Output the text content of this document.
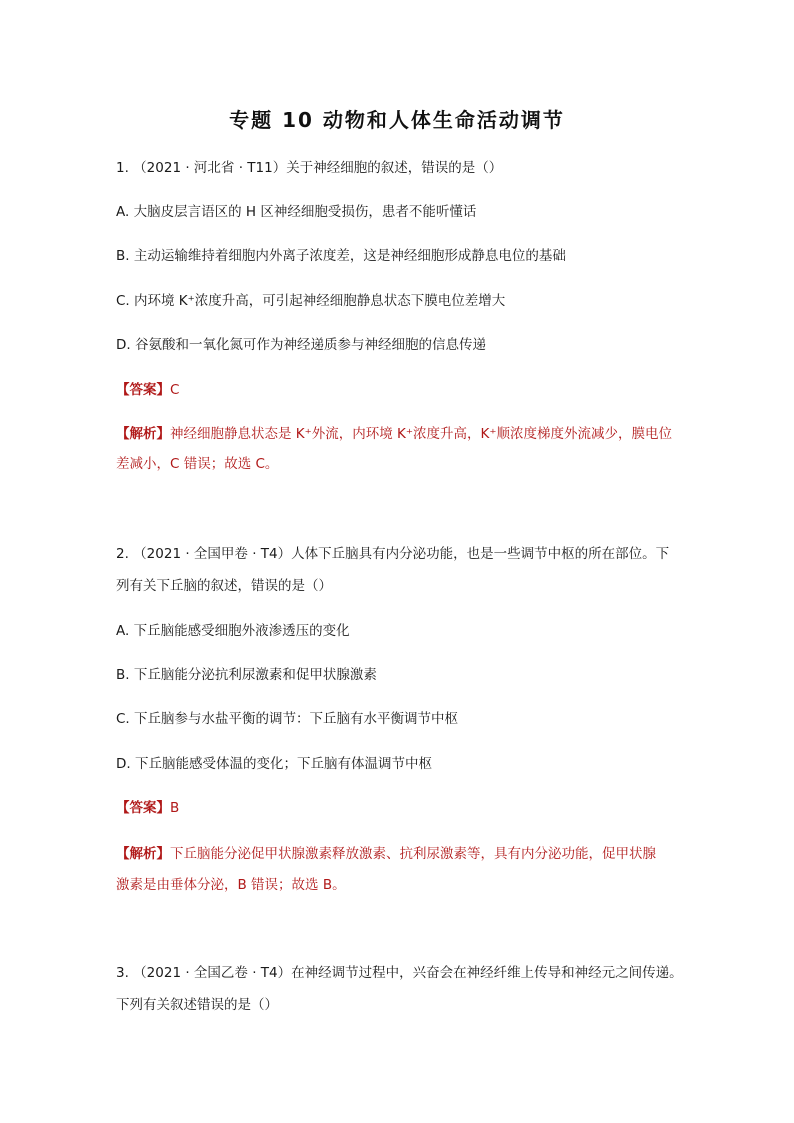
专题 10 动物和人体生命活动调节

1. （2021 · 河北省 · T11）关于神经细胞的叙述，错误的是（）

A. 大脑皮层言语区的 H 区神经细胞受损伤，患者不能听懂话

B. 主动运输维持着细胞内外离子浓度差，这是神经细胞形成静息电位的基础

C. 内环境 K⁺浓度升高，可引起神经细胞静息状态下膜电位差增大

D. 谷氨酸和一氧化氮可作为神经递质参与神经细胞的信息传递

【答案】C

【解析】神经细胞静息状态是 K⁺外流，内环境 K⁺浓度升高，K⁺顺浓度梯度外流减少，膜电位

差减小，C 错误；故选 C。

2. （2021 · 全国甲卷 · T4）人体下丘脑具有内分泌功能，也是一些调节中枢的所在部位。下

列有关下丘脑的叙述，错误的是（）

A. 下丘脑能感受细胞外液渗透压的变化

B. 下丘脑能分泌抗利尿激素和促甲状腺激素

C. 下丘脑参与水盐平衡的调节：下丘脑有水平衡调节中枢

D. 下丘脑能感受体温的变化；下丘脑有体温调节中枢

【答案】B

【解析】下丘脑能分泌促甲状腺激素释放激素、抗利尿激素等，具有内分泌功能，促甲状腺

激素是由垂体分泌，B 错误；故选 B。

3. （2021 · 全国乙卷 · T4）在神经调节过程中，兴奋会在神经纤维上传导和神经元之间传递。

下列有关叙述错误的是（）
